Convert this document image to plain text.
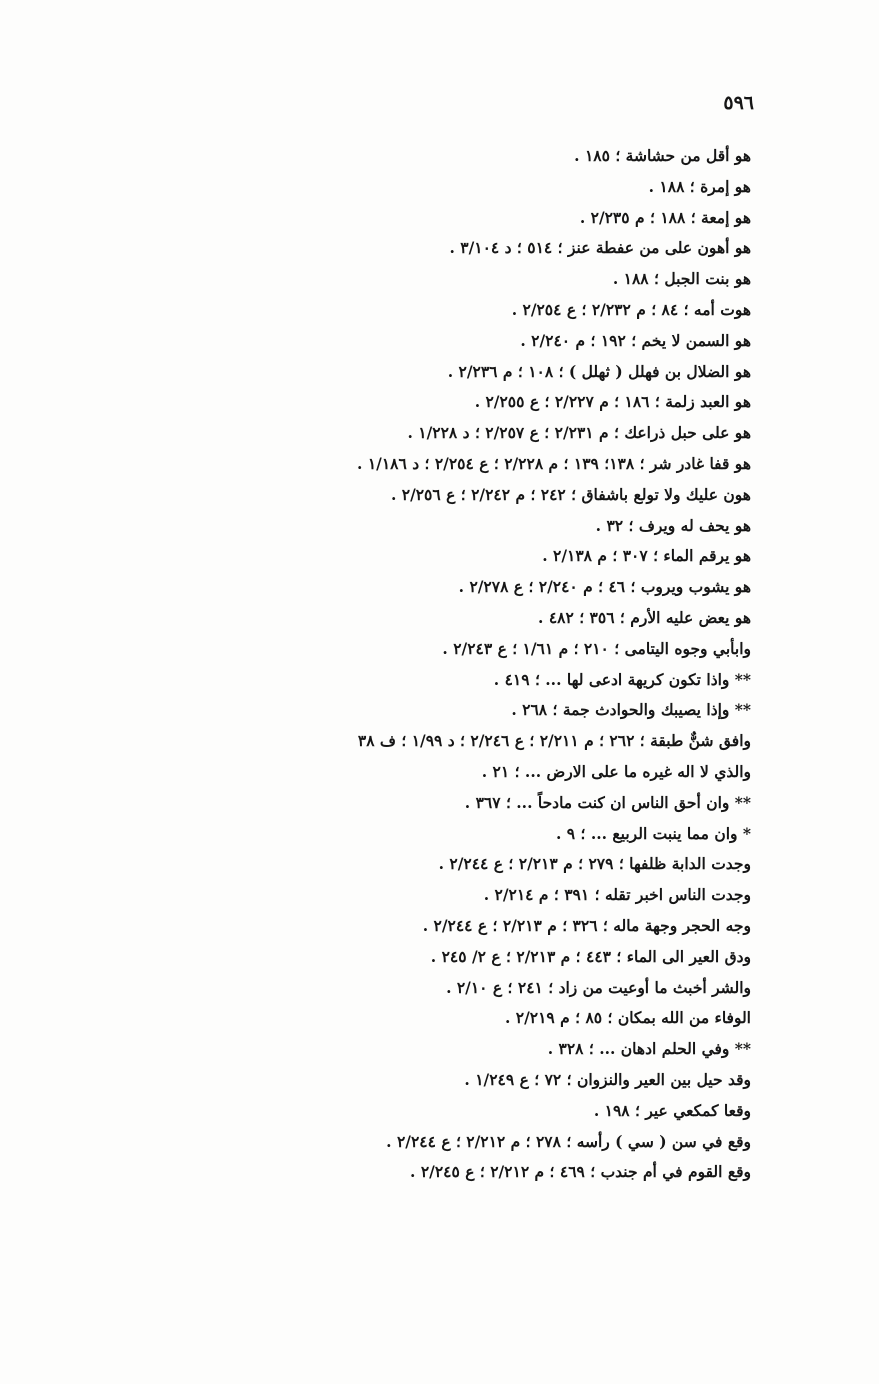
٥٩٦
هو أقل من حشاشة ؛ ١٨٥ .
هو إمرة ؛ ١٨٨ .
هو إمعة ؛ ١٨٨ ؛ م ٢/٢٣٥ .
هو أهون على من عفطة عنز ؛ ٥١٤ ؛ د ٣/١٠٤ .
هو بنت الجبل ؛ ١٨٨ .
هوت أمه ؛ ٨٤ ؛ م ٢/٢٣٢ ؛ ع ٢/٢٥٤ .
هو السمن لا يخم ؛ ١٩٢ ؛ م ٢/٢٤٠ .
هو الضلال بن فهلل ( ثهلل ) ؛ ١٠٨ ؛ م ٢/٢٣٦ .
هو العبد زلمة ؛ ١٨٦ ؛ م ٢/٢٢٧ ؛ ع ٢/٢٥٥ .
هو على حبل ذراعك ؛ م ٢/٢٣١ ؛ ع ٢/٢٥٧ ؛ د ١/٢٢٨ .
هو قفا غادر شر ؛ ١٣٨؛ ١٣٩ ؛ م ٢/٢٢٨ ؛ ع ٢/٢٥٤ ؛ د ١/١٨٦ .
هون عليك ولا تولع باشفاق ؛ ٢٤٢ ؛ م ٢/٢٤٢ ؛ ع ٢/٢٥٦ .
هو يحف له ويرف ؛ ٣٢ .
هو يرقم الماء ؛ ٣٠٧ ؛ م ٢/١٣٨ .
هو يشوب ويروب ؛ ٤٦ ؛ م ٢/٢٤٠ ؛ ع ٢/٢٧٨ .
هو يعض عليه الأرم ؛ ٣٥٦ ؛ ٤٨٢ .
وابأبي وجوه اليتامى ؛ ٢١٠ ؛ م ١/٦١ ؛ ع ٢/٢٤٣ .
** واذا تكون كريهة ادعى لها ... ؛ ٤١٩ .
** وإذا يصيبك والحوادث جمة ؛ ٢٦٨ .
وافق شنٌّ طبقة ؛ ٢٦٢ ؛ م ٢/٢١١ ؛ ع ٢/٢٤٦ ؛ د ١/٩٩ ؛ ف ٣٨
والذي لا اله غيره ما على الارض ... ؛ ٢١ .
** وان أحق الناس ان كنت مادحاً ... ؛ ٣٦٧ .
* وان مما ينبت الربيع ... ؛ ٩ .
وجدت الدابة ظلفها ؛ ٢٧٩ ؛ م ٢/٢١٣ ؛ ع ٢/٢٤٤ .
وجدت الناس اخبر تقله ؛ ٣٩١ ؛ م ٢/٢١٤ .
وجه الحجر وجهة ماله ؛ ٣٢٦ ؛ م ٢/٢١٣ ؛ ع ٢/٢٤٤ .
ودق العير الى الماء ؛ ٤٤٣ ؛ م ٢/٢١٣ ؛ ع ٢/ ٢٤٥ .
والشر أخبث ما أوعيت من زاد ؛ ٢٤١ ؛ ع ٢/١٠ .
الوفاء من الله بمكان ؛ ٨٥ ؛ م ٢/٢١٩ .
** وفي الحلم ادهان ... ؛ ٣٢٨ .
وقد حيل بين العير والنزوان ؛ ٧٢ ؛ ع ١/٢٤٩ .
وقعا كمكعي عير ؛ ١٩٨ .
وقع في سن ( سي ) رأسه ؛ ٢٧٨ ؛ م ٢/٢١٢ ؛ ع ٢/٢٤٤ .
وقع القوم في أم جندب ؛ ٤٦٩ ؛ م ٢/٢١٢ ؛ ع ٢/٢٤٥ .
